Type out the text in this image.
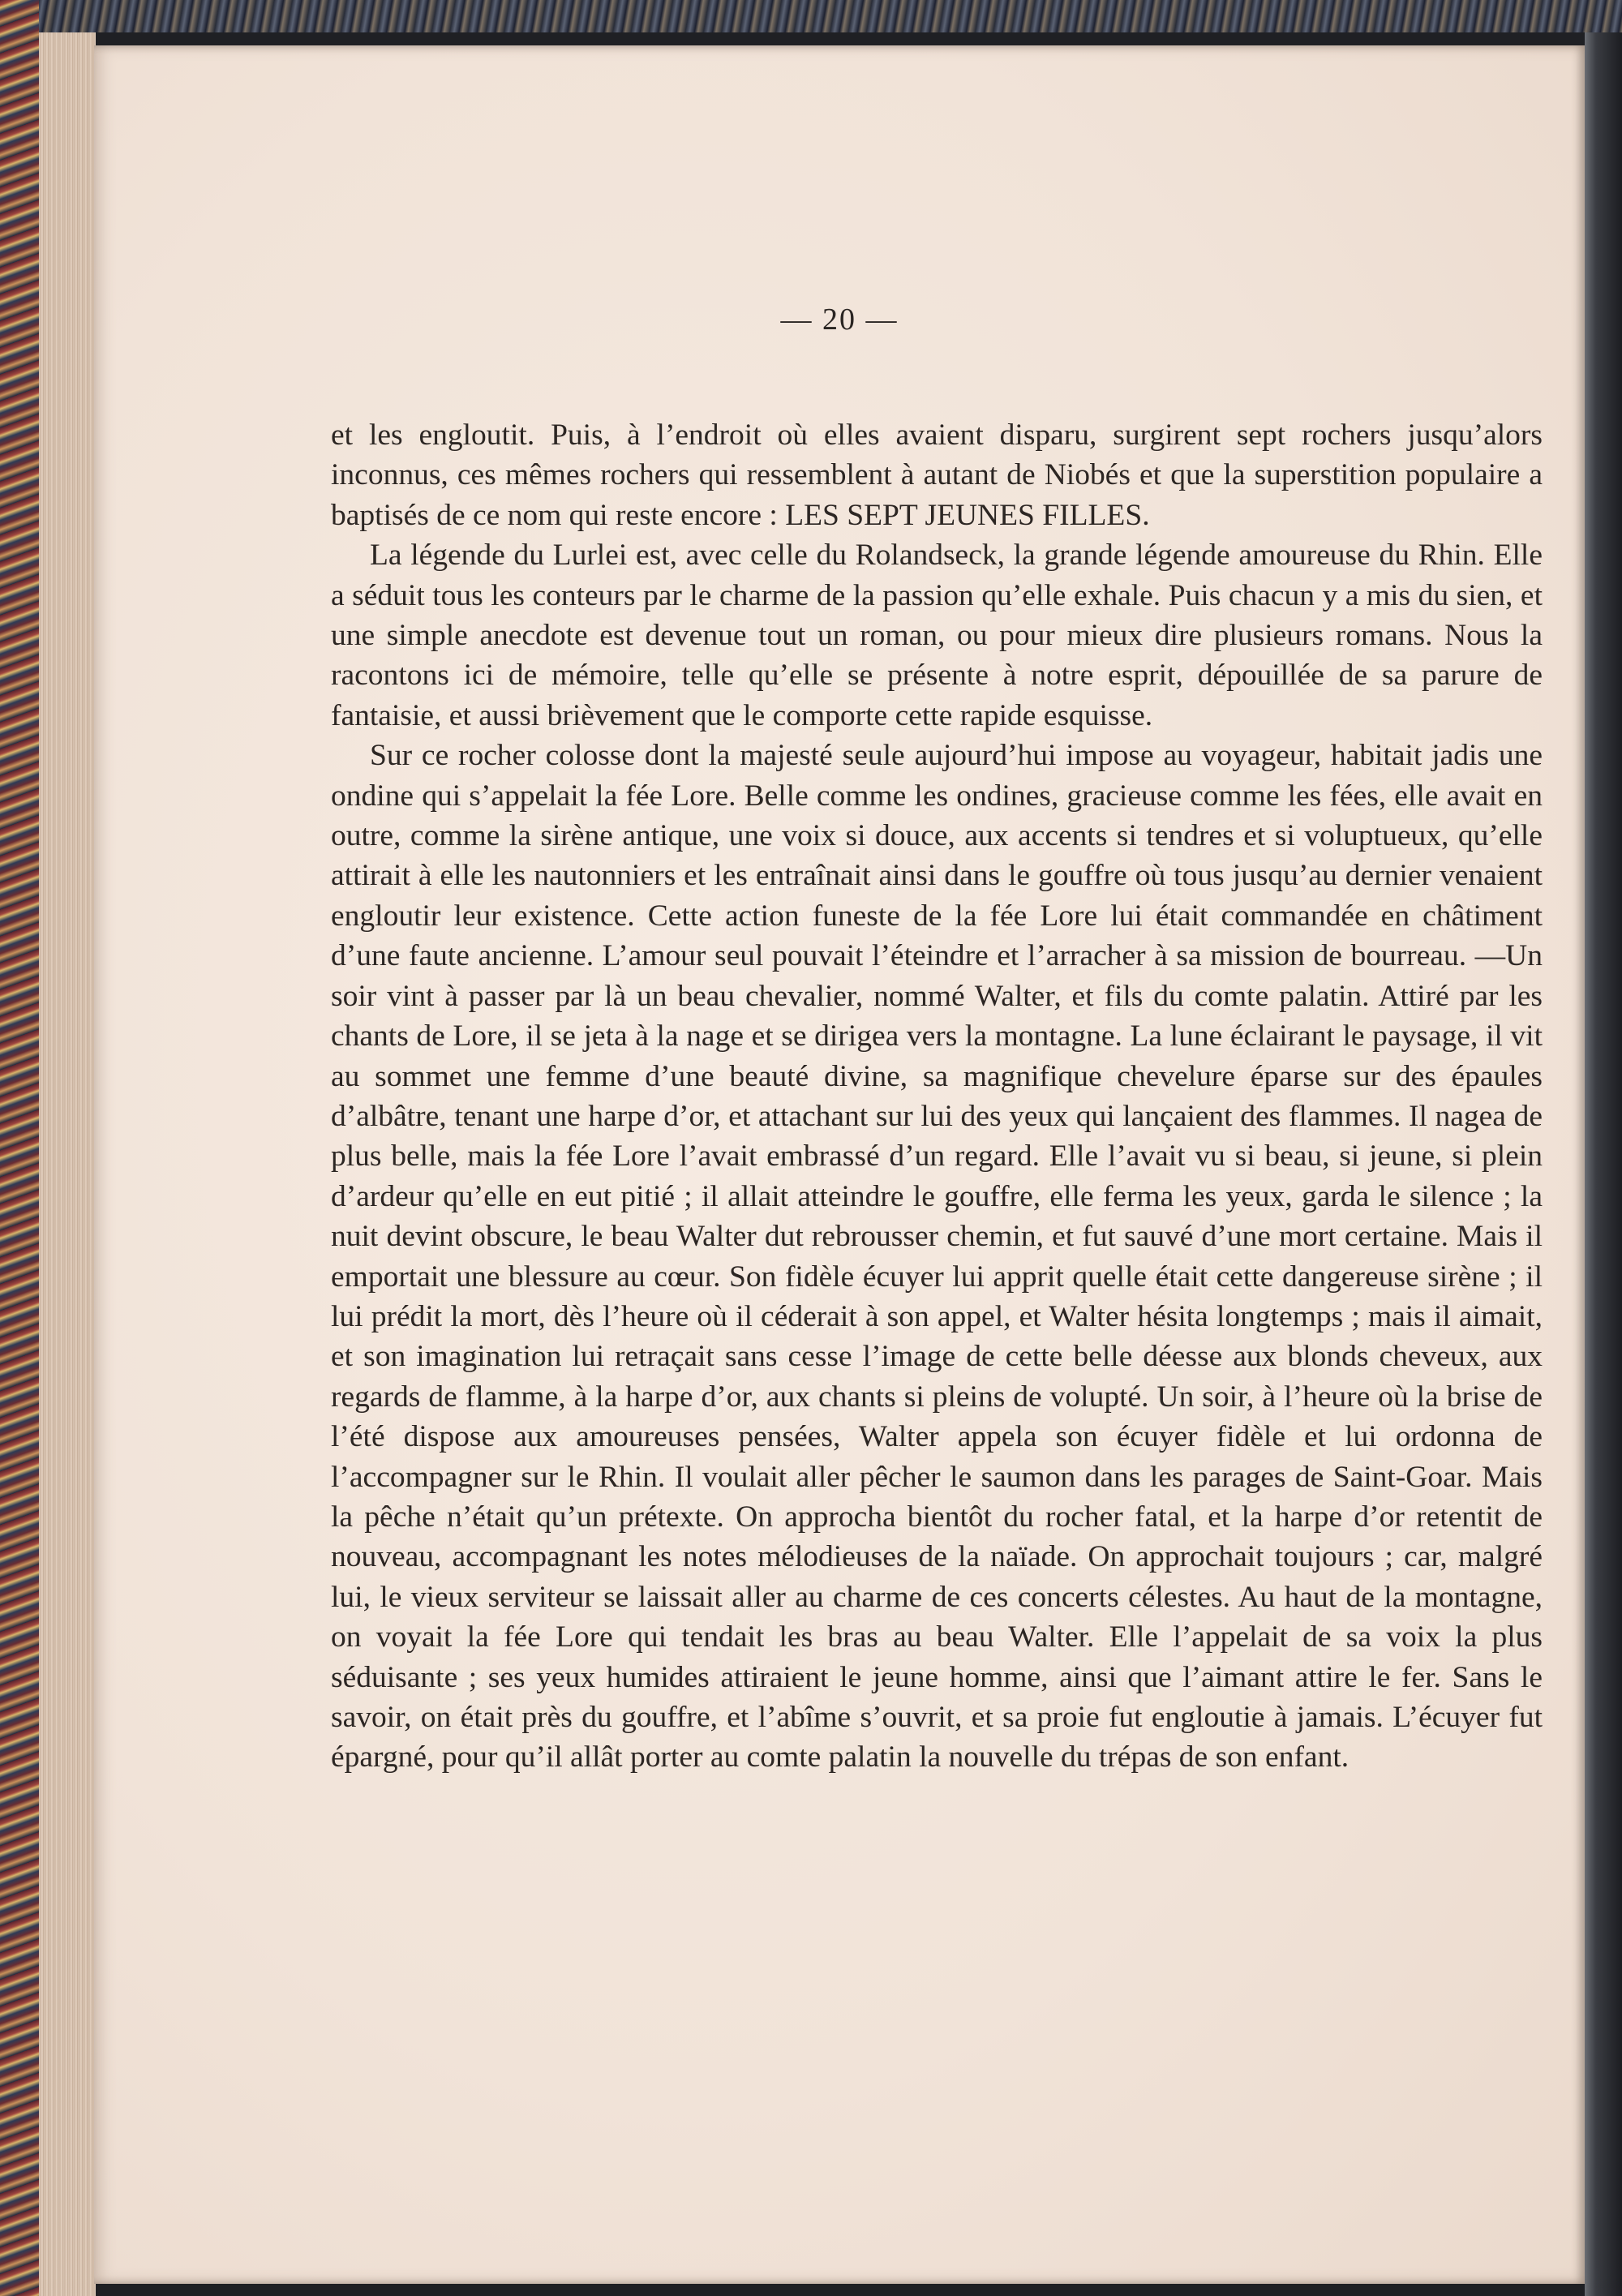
— 20 —

et les engloutit. Puis, à l’endroit où elles avaient disparu, surgirent sept rochers jusqu’alors inconnus, ces mêmes rochers qui ressemblent à autant de Niobés et que la superstition populaire a baptisés de ce nom qui reste encore : LES SEPT JEUNES FILLES.

La légende du Lurlei est, avec celle du Rolandseck, la grande légende amoureuse du Rhin. Elle a séduit tous les conteurs par le charme de la passion qu’elle exhale. Puis chacun y a mis du sien, et une simple anecdote est devenue tout un roman, ou pour mieux dire plusieurs romans. Nous la racontons ici de mémoire, telle qu’elle se présente à notre esprit, dépouillée de sa parure de fantaisie, et aussi brièvement que le comporte cette rapide esquisse.

Sur ce rocher colosse dont la majesté seule aujourd’hui impose au voyageur, habitait jadis une ondine qui s’appelait la fée Lore. Belle comme les ondines, gracieuse comme les fées, elle avait en outre, comme la sirène antique, une voix si douce, aux accents si tendres et si voluptueux, qu’elle attirait à elle les nautonniers et les entraînait ainsi dans le gouffre où tous jusqu’au dernier venaient engloutir leur existence. Cette action funeste de la fée Lore lui était commandée en châtiment d’une faute ancienne. L’amour seul pouvait l’éteindre et l’arracher à sa mission de bourreau. —Un soir vint à passer par là un beau chevalier, nommé Walter, et fils du comte palatin. Attiré par les chants de Lore, il se jeta à la nage et se dirigea vers la montagne. La lune éclairant le paysage, il vit au sommet une femme d’une beauté divine, sa magnifique chevelure éparse sur des épaules d’albâtre, tenant une harpe d’or, et attachant sur lui des yeux qui lançaient des flammes. Il nagea de plus belle, mais la fée Lore l’avait embrassé d’un regard. Elle l’avait vu si beau, si jeune, si plein d’ardeur qu’elle en eut pitié ; il allait atteindre le gouffre, elle ferma les yeux, garda le silence ; la nuit devint obscure, le beau Walter dut rebrousser chemin, et fut sauvé d’une mort certaine. Mais il emportait une blessure au cœur. Son fidèle écuyer lui apprit quelle était cette dangereuse sirène ; il lui prédit la mort, dès l’heure où il céderait à son appel, et Walter hésita longtemps ; mais il aimait, et son imagination lui retraçait sans cesse l’image de cette belle déesse aux blonds cheveux, aux regards de flamme, à la harpe d’or, aux chants si pleins de volupté. Un soir, à l’heure où la brise de l’été dispose aux amoureuses pensées, Walter appela son écuyer fidèle et lui ordonna de l’accompagner sur le Rhin. Il voulait aller pêcher le saumon dans les parages de Saint-Goar. Mais la pêche n’était qu’un prétexte. On approcha bientôt du rocher fatal, et la harpe d’or retentit de nouveau, accompagnant les notes mélodieuses de la naïade. On approchait toujours ; car, malgré lui, le vieux serviteur se laissait aller au charme de ces concerts célestes. Au haut de la montagne, on voyait la fée Lore qui tendait les bras au beau Walter. Elle l’appelait de sa voix la plus séduisante ; ses yeux humides attiraient le jeune homme, ainsi que l’aimant attire le fer. Sans le savoir, on était près du gouffre, et l’abîme s’ouvrit, et sa proie fut engloutie à jamais. L’écuyer fut épargné, pour qu’il allât porter au comte palatin la nouvelle du trépas de son enfant.
